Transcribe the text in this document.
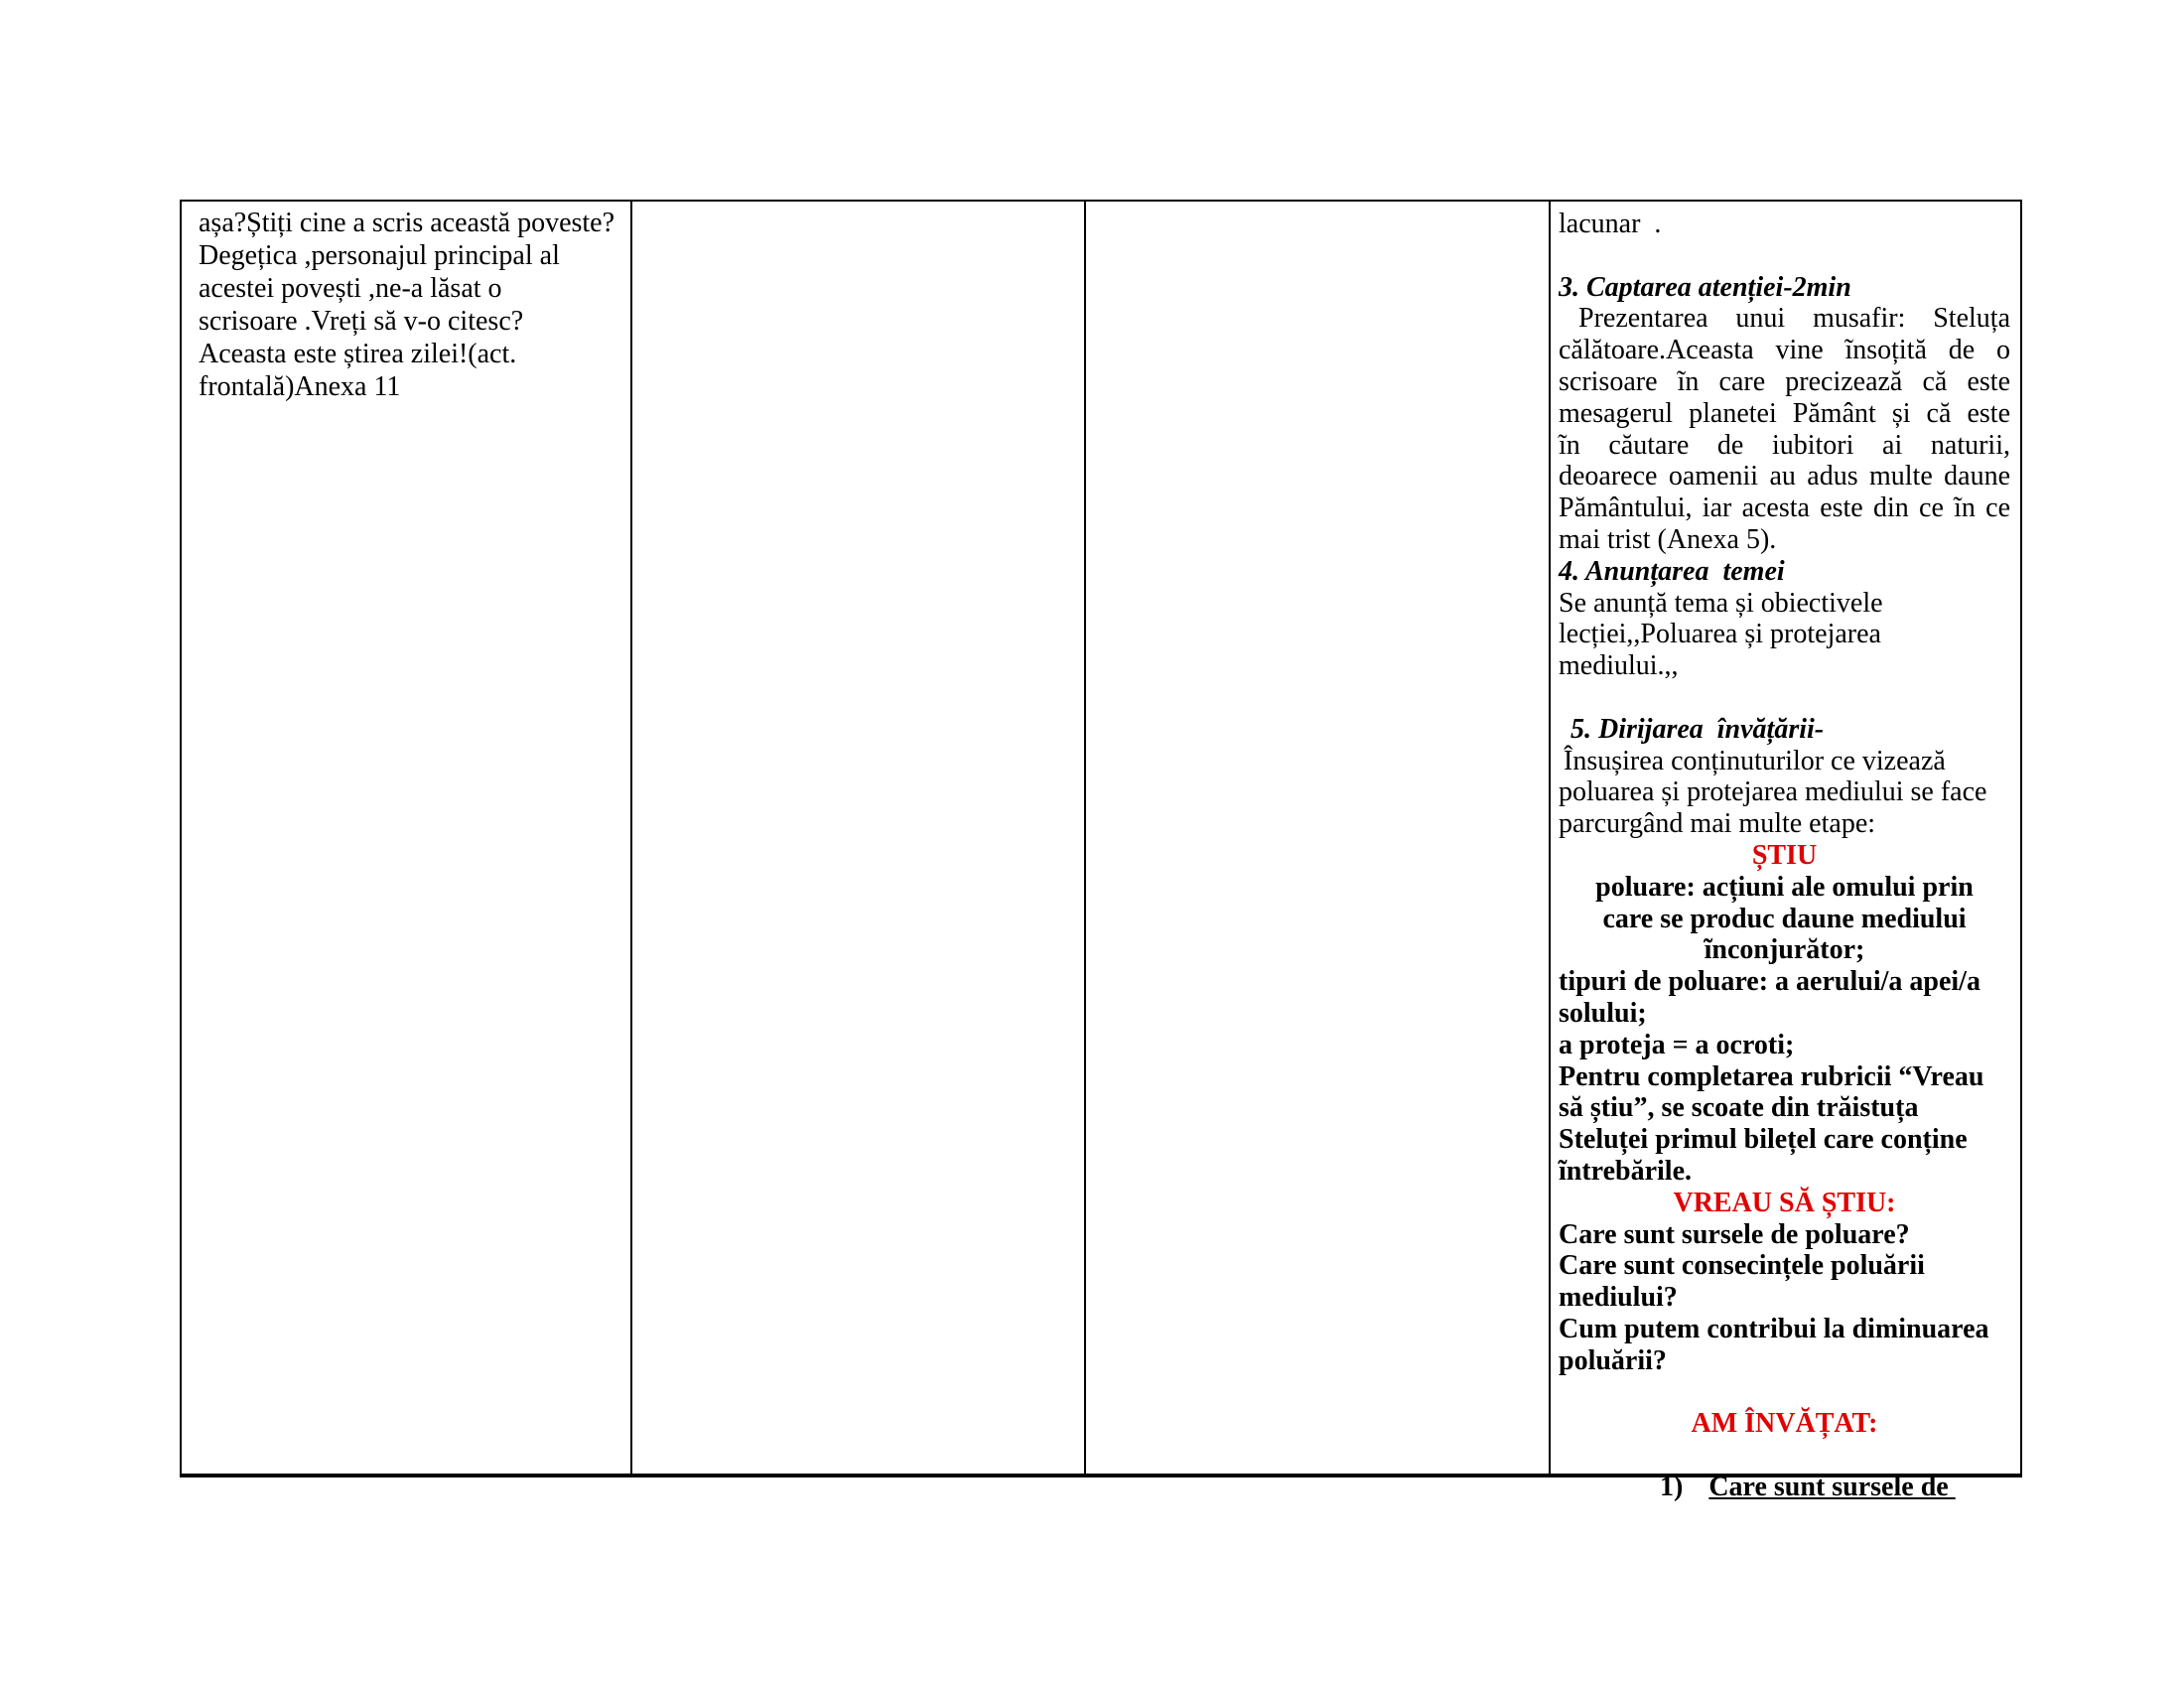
așa?Știți cine a scris această poveste?
Degețica ,personajul principal al
acestei povești ,ne-a lăsat o
scrisoare .Vreți să v-o citesc?
Aceasta este știrea zilei!(act.
frontală)Anexa 11
lacunar  .
3. Captarea atenției-2min
Prezentarea unui musafir: Steluța
călătoare.Aceasta vine ĩnsoțită de o
scrisoare ĩn care precizează că este
mesagerul planetei Pământ și că este
ĩn căutare de iubitori ai naturii,
deoarece oamenii au adus multe daune
Pământului, iar acesta este din ce ĩn ce
mai trist (Anexa 5).
4. Anunțarea  temei
Se anunță tema și obiectivele
lecției,,Poluarea și protejarea
mediului.,,
5. Dirijarea  învățării-
Însușirea conținuturilor ce vizează
poluarea și protejarea mediului se face
parcurgând mai multe etape:
ȘTIU
poluare: acțiuni ale omului prin
care se produc daune mediului
ĩnconjurător;
tipuri de poluare: a aerului/a apei/a
solului;
a proteja = a ocroti;
Pentru completarea rubricii “Vreau
să știu”, se scoate din trăistuța
Steluței primul bilețel care conține
ĩntrebările.
VREAU SĂ ȘTIU:
Care sunt sursele de poluare?
Care sunt consecințele poluării
mediului?
Cum putem contribui la diminuarea
poluării?
AM ÎNVĂȚAT:

1) Care sunt sursele de
